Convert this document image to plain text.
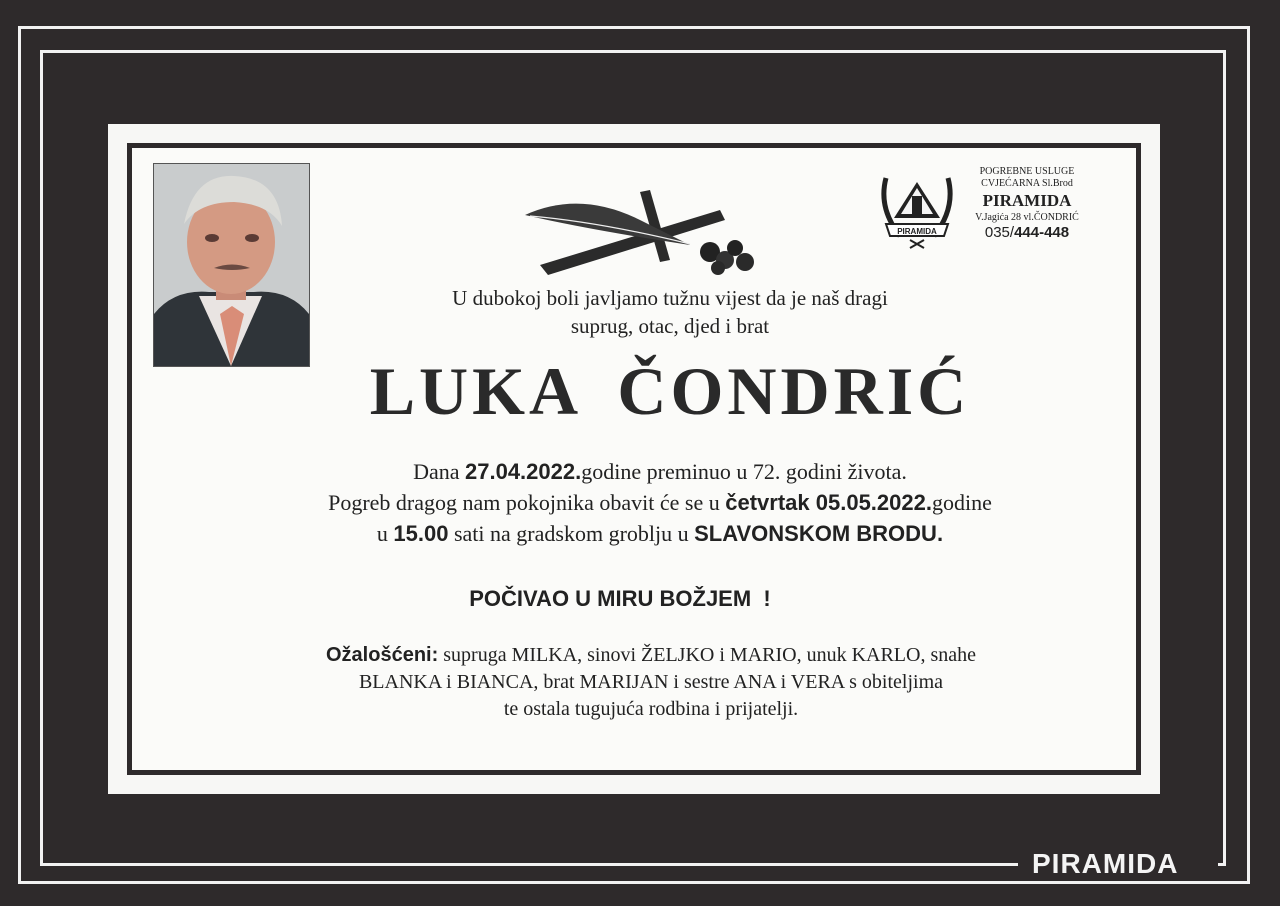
PIRAMIDA
PIRAMIDA
POGREBNE USLUGE
CVJEĆARNA Sl.Brod
PIRAMIDA
V.Jagića 28 vl.ČONDRIĆ
035/444-448
U dubokoj boli javljamo tužnu vijest da je naš dragi
suprug, otac, djed i brat
LUKA ČONDRIĆ
Dana 27.04.2022.godine preminuo u 72. godini života.
Pogreb dragog nam pokojnika obavit će se u četvrtak 05.05.2022.godine
u 15.00 sati na gradskom groblju u SLAVONSKOM BRODU.
POČIVAO U MIRU BOŽJEM !
Ožalošćeni: supruga MILKA, sinovi ŽELJKO i MARIO, unuk KARLO, snahe
BLANKA i BIANCA, brat MARIJAN i sestre ANA i VERA s obiteljima
te ostala tugujuća rodbina i prijatelji.
